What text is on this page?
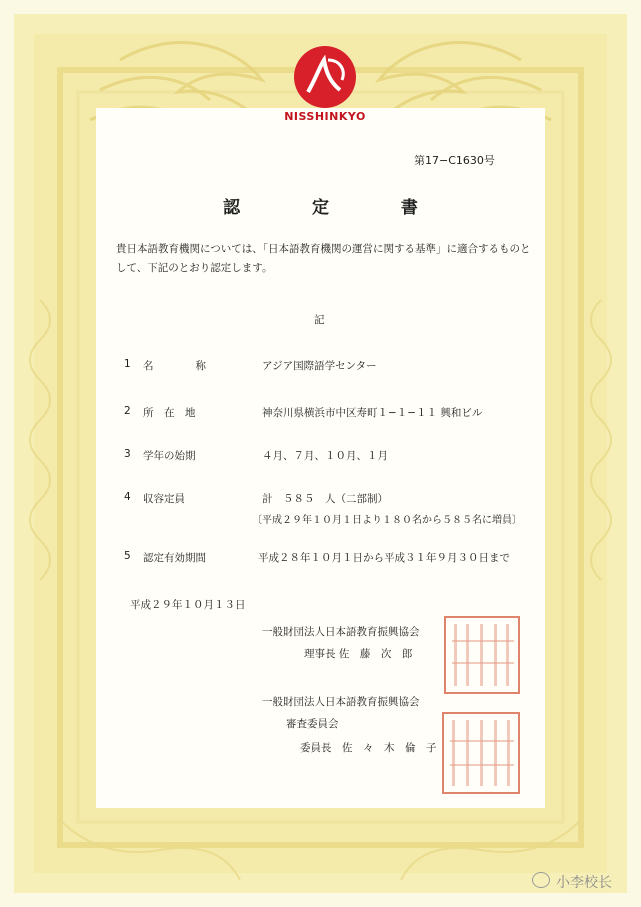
NISSHINKYO
第17−C1630号
認	定	書
貴日本語教育機関については、「日本語教育機関の運営に関する基準」に適合するものとして、下記のとおり認定します。
記
1 名　　　　称	アジア国際語学センター
2 所　在　地	神奈川県横浜市中区寿町１−１−１１ 興和ビル
3 学年の始期	４月、７月、１０月、１月
4 収容定員	計　５８５　人（二部制）
〔平成２９年１０月１日より１８０名から５８５名に増員〕
5 認定有効期間	平成２８年１０月１日から平成３１年９月３０日まで
平成２９年１０月１３日
一般財団法人日本語教育振興協会
理事長 佐　藤　次　郎
一般財団法人日本語教育振興協会
審査委員会
委員長　佐　々　木　倫　子
小李校长
